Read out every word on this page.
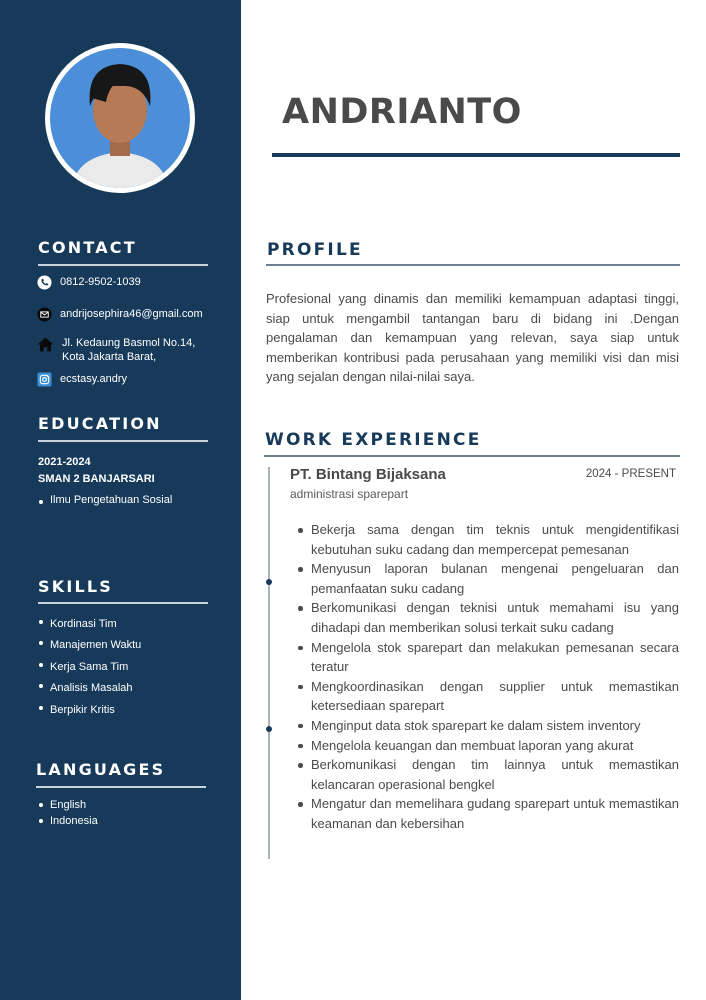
CONTACT
0812-9502-1039
andrijosephira46@gmail.com
Jl. Kedaung Basmol No.14,
Kota Jakarta Barat,
ecstasy.andry
EDUCATION
2021-2024
SMAN 2 BANJARSARI
Ilmu Pengetahuan Sosial
SKILLS
Kordinasi Tim
Manajemen Waktu
Kerja Sama Tim
Analisis Masalah
Berpikir Kritis
LANGUAGES
English
Indonesia
ANDRIANTO
PROFILE

Profesional yang dinamis dan memiliki kemampuan adaptasi tinggi, siap untuk mengambil tantangan baru di bidang ini .Dengan pengalaman dan kemampuan yang relevan, saya siap untuk memberikan kontribusi pada perusahaan yang memiliki visi dan misi yang sejalan dengan nilai-nilai saya.

WORK EXPERIENCE
PT. Bintang Bijaksana	2024 - PRESENT
administrasi sparepart
Bekerja sama dengan tim teknis untuk mengidentifikasi kebutuhan suku cadang dan mempercepat pemesanan
Menyusun laporan bulanan mengenai pengeluaran dan pemanfaatan suku cadang
Berkomunikasi dengan teknisi untuk memahami isu yang dihadapi dan memberikan solusi terkait suku cadang
Mengelola stok sparepart dan melakukan pemesanan secara teratur
Mengkoordinasikan dengan supplier untuk memastikan ketersediaan sparepart
Menginput data stok sparepart ke dalam sistem inventory
Mengelola keuangan dan membuat laporan yang akurat
Berkomunikasi dengan tim lainnya untuk memastikan kelancaran operasional bengkel
Mengatur dan memelihara gudang sparepart untuk memastikan keamanan dan kebersihan
